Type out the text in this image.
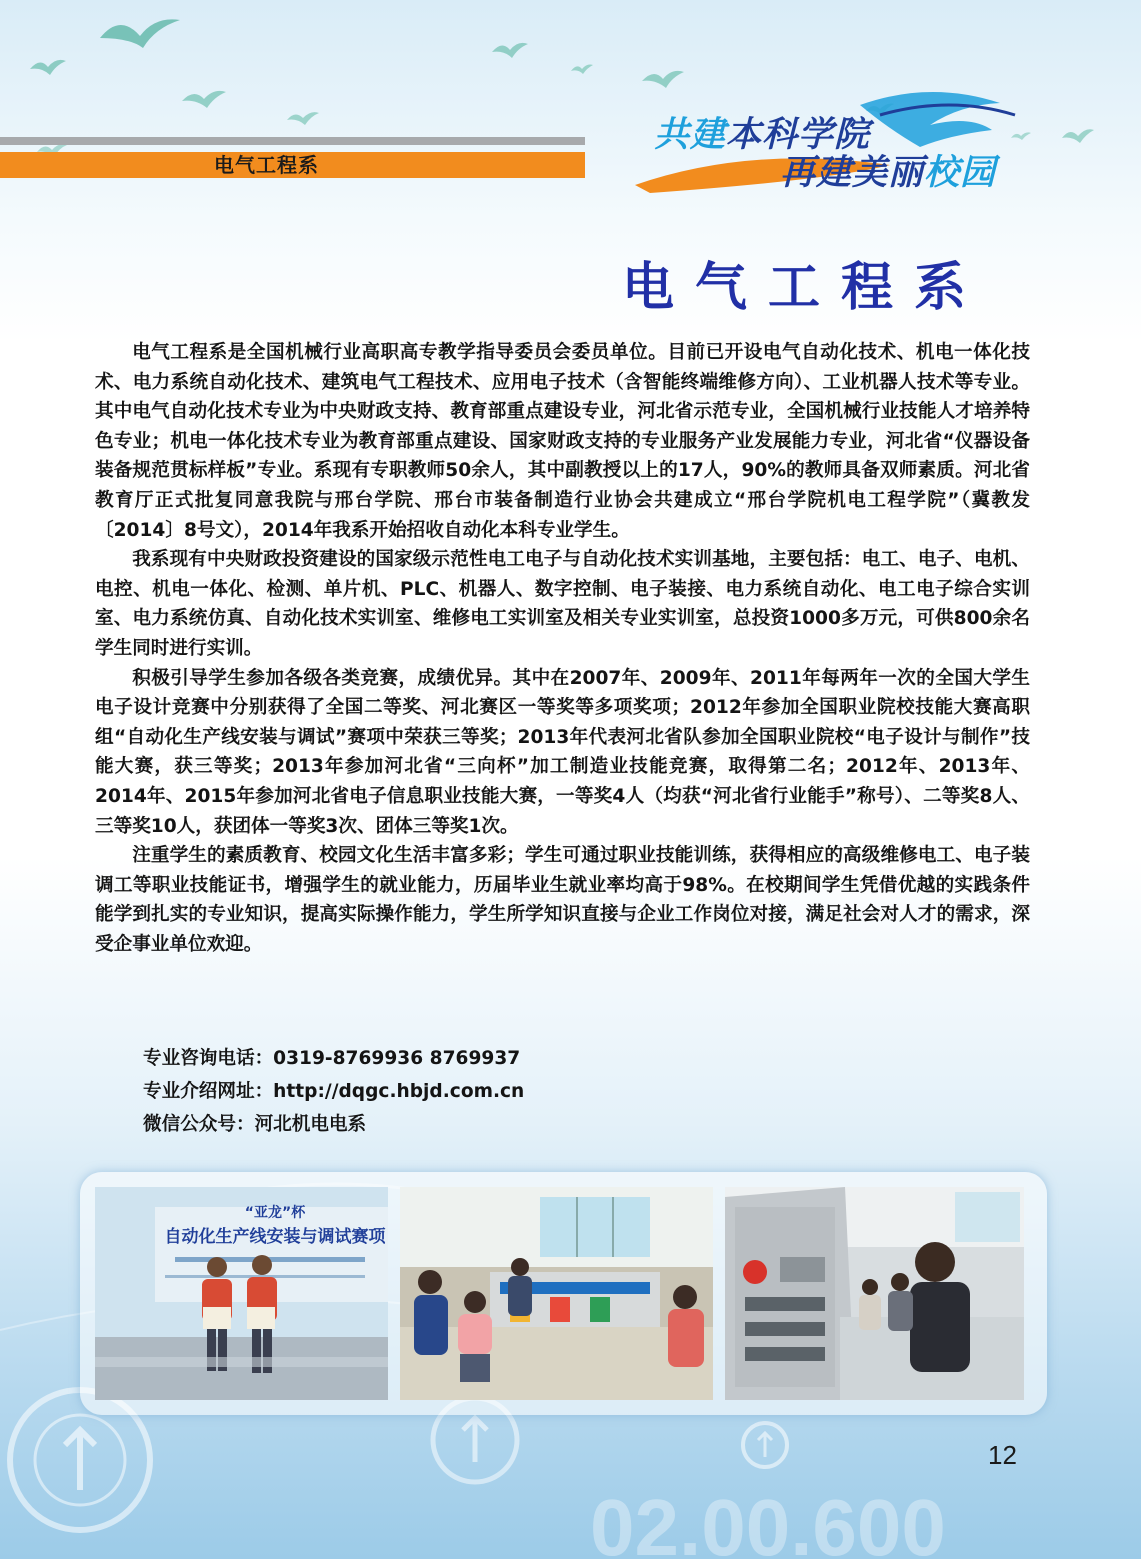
电气工程系
共建本科学院
再建美丽校园
电气工程系

电气工程系是全国机械行业高职高专教学指导委员会委员单位。目前已开设电气自动化技术、机电一体化技术、电力系统自动化技术、建筑电气工程技术、应用电子技术（含智能终端维修方向）、工业机器人技术等专业。其中电气自动化技术专业为中央财政支持、教育部重点建设专业，河北省示范专业，全国机械行业技能人才培养特色专业；机电一体化技术专业为教育部重点建设、国家财政支持的专业服务产业发展能力专业，河北省“仪器设备装备规范贯标样板”专业。系现有专职教师50余人，其中副教授以上的17人，90%的教师具备双师素质。河北省教育厅正式批复同意我院与邢台学院、邢台市装备制造行业协会共建成立“邢台学院机电工程学院”（冀教发〔2014〕8号文），2014年我系开始招收自动化本科专业学生。

我系现有中央财政投资建设的国家级示范性电工电子与自动化技术实训基地，主要包括：电工、电子、电机、电控、机电一体化、检测、单片机、PLC、机器人、数字控制、电子装接、电力系统自动化、电工电子综合实训室、电力系统仿真、自动化技术实训室、维修电工实训室及相关专业实训室，总投资1000多万元，可供800余名学生同时进行实训。

积极引导学生参加各级各类竞赛，成绩优异。其中在2007年、2009年、2011年每两年一次的全国大学生电子设计竞赛中分别获得了全国二等奖、河北赛区一等奖等多项奖项；2012年参加全国职业院校技能大赛高职组“自动化生产线安装与调试”赛项中荣获三等奖；2013年代表河北省队参加全国职业院校“电子设计与制作”技能大赛，获三等奖；2013年参加河北省“三向杯”加工制造业技能竞赛，取得第二名；2012年、2013年、2014年、2015年参加河北省电子信息职业技能大赛，一等奖4人（均获“河北省行业能手”称号）、二等奖8人、三等奖10人，获团体一等奖3次、团体三等奖1次。

注重学生的素质教育、校园文化生活丰富多彩；学生可通过职业技能训练，获得相应的高级维修电工、电子装调工等职业技能证书，增强学生的就业能力，历届毕业生就业率均高于98%。在校期间学生凭借优越的实践条件能学到扎实的专业知识，提高实际操作能力，学生所学知识直接与企业工作岗位对接，满足社会对人才的需求，深受企事业单位欢迎。

专业咨询电话：0319-8769936 8769937
专业介绍网址：http://dqgc.hbjd.com.cn
微信公众号：河北机电电系
02.00.600
“亚龙”杯
自动化生产线安装与调试赛项
12
